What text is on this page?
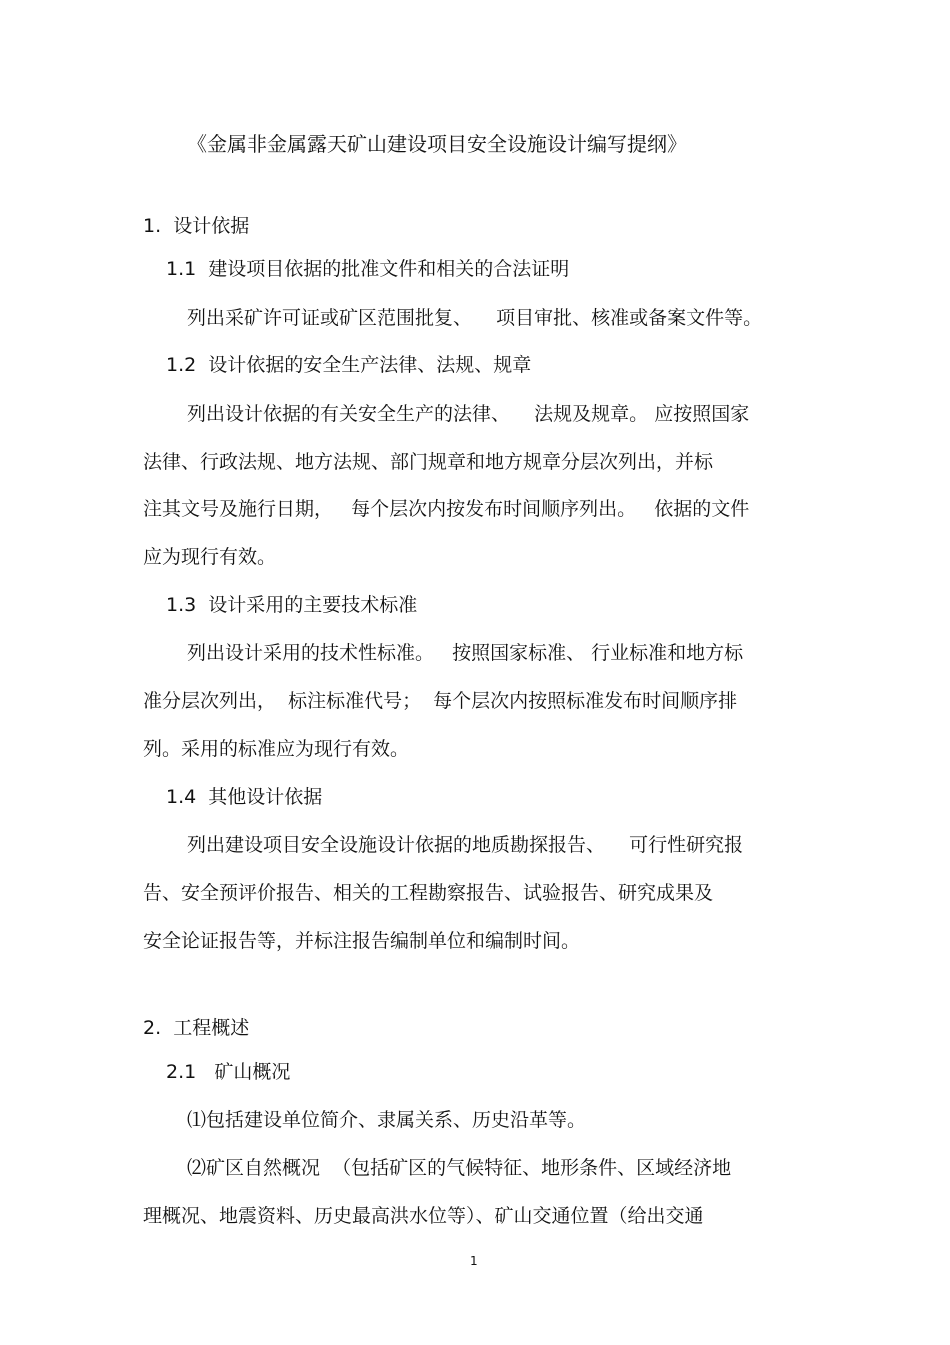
《金属非金属露天矿山建设项目安全设施设计编写提纲》

1.  设计依据

1.1  建设项目依据的批准文件和相关的合法证明

列出采矿许可证或矿区范围批复、    项目审批、核准或备案文件等。

1.2  设计依据的安全生产法律、法规、规章

列出设计依据的有关安全生产的法律、    法规及规章。 应按照国家

法律、行政法规、地方法规、部门规章和地方规章分层次列出，并标

注其文号及施行日期，   每个层次内按发布时间顺序列出。   依据的文件

应为现行有效。

1.3  设计采用的主要技术标准

列出设计采用的技术性标准。   按照国家标准、 行业标准和地方标

准分层次列出，  标注标准代号；  每个层次内按照标准发布时间顺序排

列。采用的标准应为现行有效。

1.4  其他设计依据

列出建设项目安全设施设计依据的地质勘探报告、    可行性研究报

告、安全预评价报告、相关的工程勘察报告、试验报告、研究成果及

安全论证报告等，并标注报告编制单位和编制时间。

2.  工程概述

2.1   矿山概况

⑴包括建设单位简介、隶属关系、历史沿革等。

⑵矿区自然概况  （包括矿区的气候特征、地形条件、区域经济地

理概况、地震资料、历史最高洪水位等）、矿山交通位置（给出交通

1
